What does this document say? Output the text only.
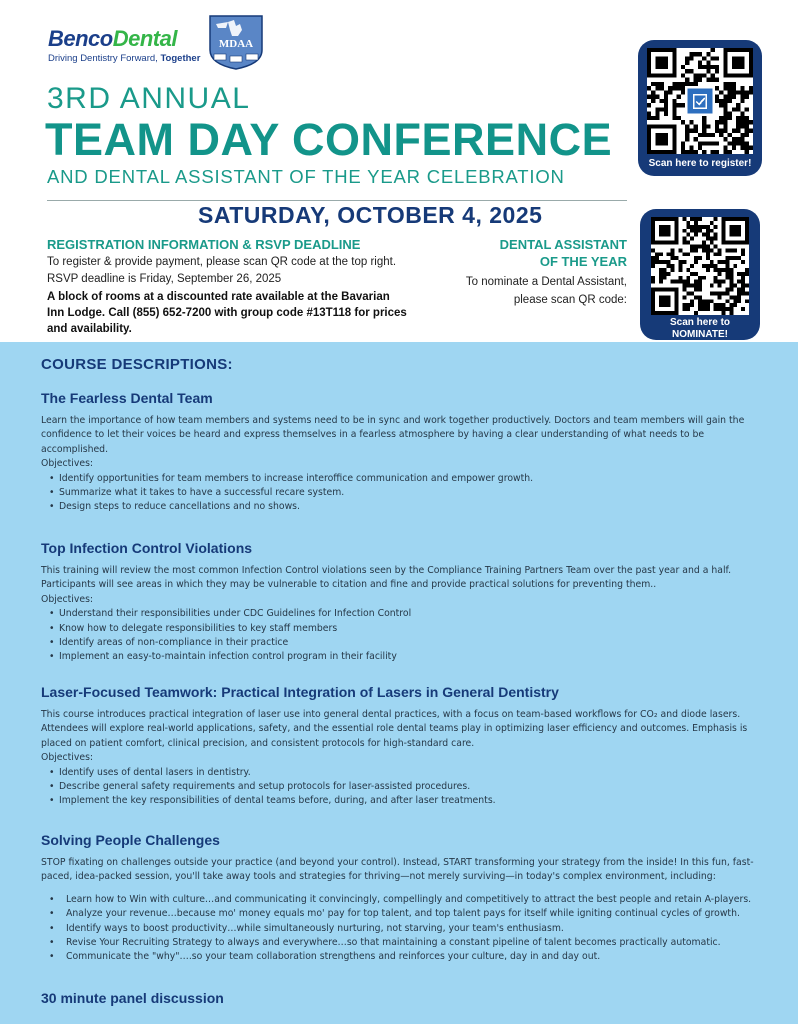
BencoDental
Driving Dentistry Forward, Together
MDAA
3RD ANNUAL
TEAM DAY CONFERENCE
AND DENTAL ASSISTANT OF THE YEAR CELEBRATION
SATURDAY, OCTOBER 4, 2025
REGISTRATION INFORMATION & RSVP DEADLINE
To register & provide payment, please scan QR code at the top right.
RSVP deadline is Friday, September 26, 2025
A block of rooms at a discounted rate available at the Bavarian Inn Lodge. Call (855) 652-7200 with group code #13T118 for prices and availability.
DENTAL ASSISTANT
OF THE YEAR
To nominate a Dental Assistant,
please scan QR code:
Scan here to register!
Scan here to
NOMINATE!
COURSE DESCRIPTIONS:
The Fearless Dental Team

Learn the importance of how team members and systems need to be in sync and work together productively. Doctors and team members will gain the confidence to let their voices be heard and express themselves in a fearless atmosphere by having a clear understanding of what needs to be accomplished.

Objectives:
• Identify opportunities for team members to increase interoffice communication and empower growth.
• Summarize what it takes to have a successful recare system.
• Design steps to reduce cancellations and no shows.
Top Infection Control Violations

This training will review the most common Infection Control violations seen by the Compliance Training Partners Team over the past year and a half. Participants will see areas in which they may be vulnerable to citation and fine and provide practical solutions for preventing them..

Objectives:
• Understand their responsibilities under CDC Guidelines for Infection Control
• Know how to delegate responsibilities to key staff members
• Identify areas of non-compliance in their practice
• Implement an easy-to-maintain infection control program in their facility
Laser-Focused Teamwork: Practical Integration of Lasers in General Dentistry

This course introduces practical integration of laser use into general dental practices, with a focus on team-based workflows for CO₂ and diode lasers. Attendees will explore real-world applications, safety, and the essential role dental teams play in optimizing laser efficiency and outcomes. Emphasis is placed on patient comfort, clinical precision, and consistent protocols for high-standard care.

Objectives:
• Identify uses of dental lasers in dentistry.
• Describe general safety requirements and setup protocols for laser-assisted procedures.
• Implement the key responsibilities of dental teams before, during, and after laser treatments.
Solving People Challenges

STOP fixating on challenges outside your practice (and beyond your control). Instead, START transforming your strategy from the inside! In this fun, fast-paced, idea-packed session, you'll take away tools and strategies for thriving—not merely surviving—in today's complex environment, including:

• Learn how to Win with culture…and communicating it convincingly, compellingly and competitively to attract the best people and retain A-players.
• Analyze your revenue…because mo' money equals mo' pay for top talent, and top talent pays for itself while igniting continual cycles of growth.
• Identify ways to boost productivity…while simultaneously nurturing, not starving, your team's enthusiasm.
• Revise Your Recruiting Strategy to always and everywhere…so that maintaining a constant pipeline of talent becomes practically automatic.
• Communicate the "why"….so your team collaboration strengthens and reinforces your culture, day in and day out.
30 minute panel discussion
